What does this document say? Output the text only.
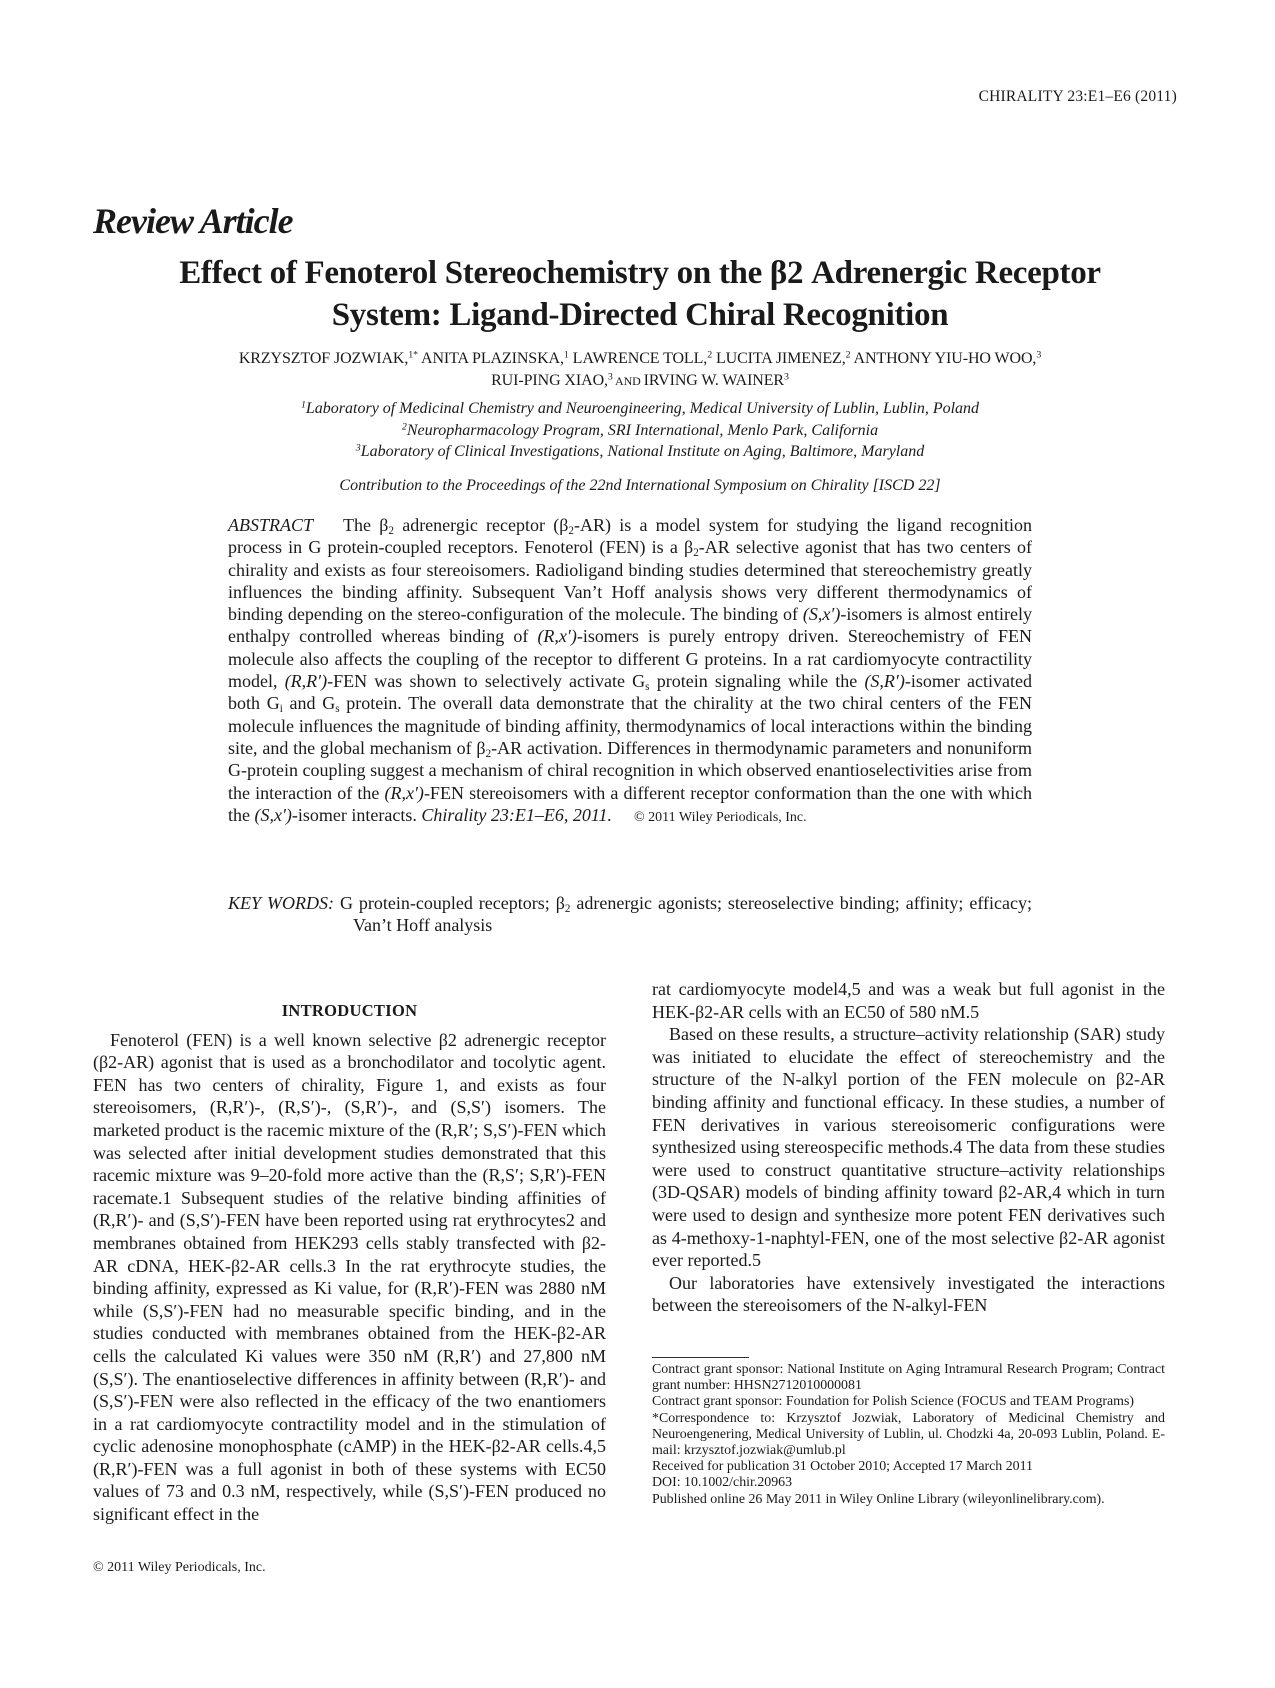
CHIRALITY 23:E1–E6 (2011)
Review Article
Effect of Fenoterol Stereochemistry on the β2 Adrenergic Receptor
System: Ligand-Directed Chiral Recognition
KRZYSZTOF JOZWIAK,$^{1*}$ ANITA PLAZINSKA,$^1$ LAWRENCE TOLL,$^2$ LUCITA JIMENEZ,$^2$ ANTHONY YIU-HO WOO,$^3$
RUI-PING XIAO,$^3$ AND IRVING W. WAINER$^3$
$^1$Laboratory of Medicinal Chemistry and Neuroengineering, Medical University of Lublin, Lublin, Poland
$^2$Neuropharmacology Program, SRI International, Menlo Park, California
$^3$Laboratory of Clinical Investigations, National Institute on Aging, Baltimore, Maryland
Contribution to the Proceedings of the 22nd International Symposium on Chirality [ISCD 22]
ABSTRACT The $\beta_2$ adrenergic receptor $(\beta_2-AR)$ is a model system for studying the ligand recognition process in G protein-coupled receptors. Fenoterol (FEN) is a $\beta_2-AR$ selective agonist that has two centers of chirality and exists as four stereoisomers. Radioligand binding studies determined that stereochemistry greatly influences the binding affinity. Subsequent Van’t Hoff analysis shows very different thermodynamics of binding depending on the stereo-configuration of the molecule. The binding of (S,x′)-isomers is almost entirely enthalpy controlled whereas binding of (R,x′)-isomers is purely entropy driven. Stereochemistry of FEN molecule also affects the coupling of the receptor to different G proteins. In a rat cardiomyocyte contractility model, (R,R′)-FEN was shown to selectively activate $G_s$ protein signaling while the (S,R′)-isomer activated both $G_i$ and $G_s$ protein. The overall data demonstrate that the chirality at the two chiral centers of the FEN molecule influences the magnitude of binding affinity, thermodynamics of local interactions within the binding site, and the global mechanism of $\beta_2-AR$ activation. Differences in thermodynamic parameters and nonuniform G-protein coupling suggest a mechanism of chiral recognition in which observed enantioselectivities arise from the interaction of the (R,x′)-FEN stereoisomers with a different receptor conformation than the one with which the (S,x′)-isomer interacts. Chirality 23:E1–E6, 2011. © 2011 Wiley Periodicals, Inc.
KEY WORDS: G protein-coupled receptors; $\beta_2$ adrenergic agonists; stereoselective binding; affinity; efficacy; Van’t Hoff analysis
INTRODUCTION

Fenoterol (FEN) is a well known selective β2 adrenergic receptor (β2-AR) agonist that is used as a bronchodilator and tocolytic agent. FEN has two centers of chirality, Figure 1, and exists as four stereoisomers, (R,R′)-, (R,S′)-, (S,R′)-, and (S,S′) isomers. The marketed product is the racemic mixture of the (R,R′; S,S′)-FEN which was selected after initial development studies demonstrated that this racemic mixture was 9–20-fold more active than the (R,S′; S,R′)-FEN racemate.1 Subsequent studies of the relative binding affinities of (R,R′)- and (S,S′)-FEN have been reported using rat erythrocytes2 and membranes obtained from HEK293 cells stably transfected with β2-AR cDNA, HEK-β2-AR cells.3 In the rat erythrocyte studies, the binding affinity, expressed as Ki value, for (R,R′)-FEN was 2880 nM while (S,S′)-FEN had no measurable specific binding, and in the studies conducted with membranes obtained from the HEK-β2-AR cells the calculated Ki values were 350 nM (R,R′) and 27,800 nM (S,S′). The enantioselective differences in affinity between (R,R′)- and (S,S′)-FEN were also reflected in the efficacy of the two enantiomers in a rat cardiomyocyte contractility model and in the stimulation of cyclic adenosine monophosphate (cAMP) in the HEK-β2-AR cells.4,5 (R,R′)-FEN was a full agonist in both of these systems with EC50 values of 73 and 0.3 nM, respectively, while (S,S′)-FEN produced no significant effect in the

rat cardiomyocyte model4,5 and was a weak but full agonist in the HEK-β2-AR cells with an EC50 of 580 nM.5

Based on these results, a structure–activity relationship (SAR) study was initiated to elucidate the effect of stereochemistry and the structure of the N-alkyl portion of the FEN molecule on β2-AR binding affinity and functional efficacy. In these studies, a number of FEN derivatives in various stereoisomeric configurations were synthesized using stereospecific methods.4 The data from these studies were used to construct quantitative structure–activity relationships (3D-QSAR) models of binding affinity toward β2-AR,4 which in turn were used to design and synthesize more potent FEN derivatives such as 4-methoxy-1-naphtyl-FEN, one of the most selective β2-AR agonist ever reported.5

Our laboratories have extensively investigated the interactions between the stereoisomers of the N-alkyl-FEN

Contract grant sponsor: National Institute on Aging Intramural Research Program; Contract grant number: HHSN2712010000081
Contract grant sponsor: Foundation for Polish Science (FOCUS and TEAM Programs)
*Correspondence to: Krzysztof Jozwiak, Laboratory of Medicinal Chemistry and Neuroengenering, Medical University of Lublin, ul. Chodzki 4a, 20-093 Lublin, Poland. E-mail: krzysztof.jozwiak@umlub.pl
Received for publication 31 October 2010; Accepted 17 March 2011
DOI: 10.1002/chir.20963
Published online 26 May 2011 in Wiley Online Library (wileyonlinelibrary.com).
© 2011 Wiley Periodicals, Inc.
